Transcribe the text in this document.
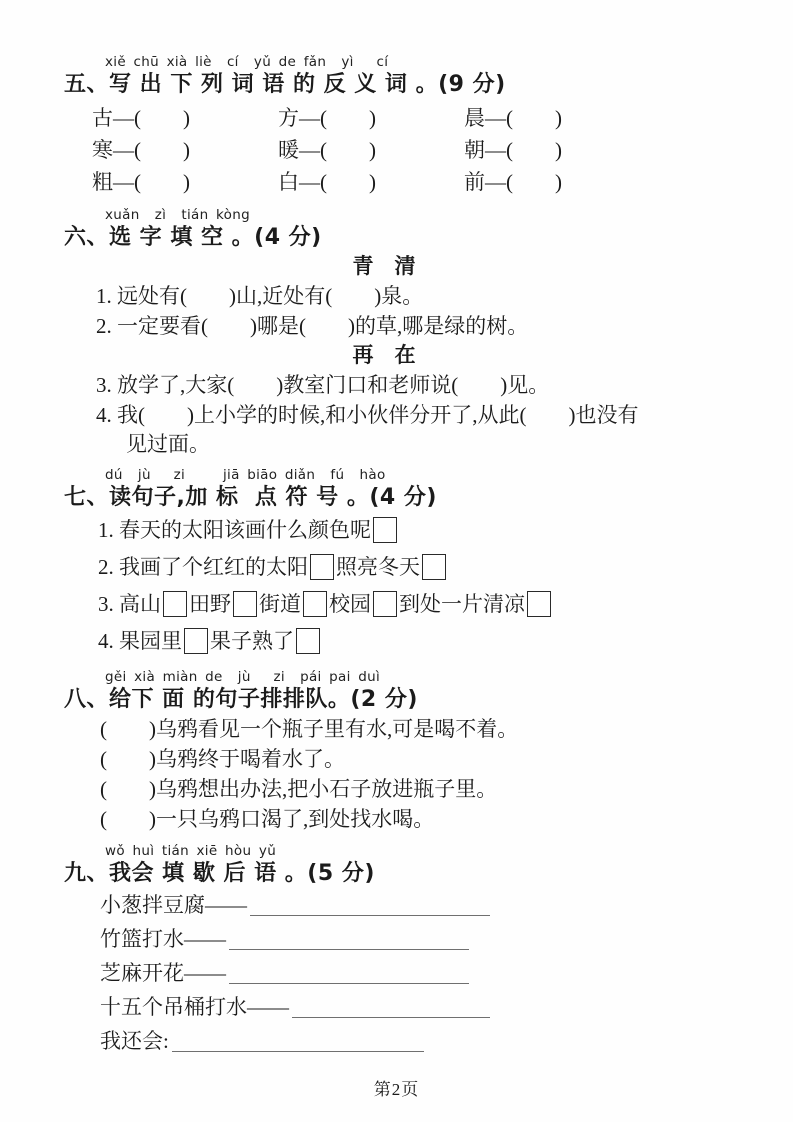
xiě chū xià liè  cí  yǔ de fǎn  yì   cí

五、写 出 下 列 词 语 的 反 义 词 。(9 分)

古—(　　)	方—(　　)	晨—(　　)
寒—(　　)	暖—(　　)	朝—(　　)
粗—(　　)	白—(　　)	前—(　　)

xuǎn  zì  tián kòng

六、选 字 填 空 。(4 分)

青　清

1. 远处有(　　)山,近处有(　　)泉。

2. 一定要看(　　)哪是(　　)的草,哪是绿的树。

再　在

3. 放学了,大家(　　)教室门口和老师说(　　)见。

4. 我(　　)上小学的时候,和小伙伴分开了,从此(　　)也没有

见过面。

dú  jù   zi     jiā biāo diǎn  fú  hào

七、读句子,加 标  点 符 号 。(4 分)

1. 春天的太阳该画什么颜色呢

2. 我画了个红红的太阳 照亮冬天

3. 高山 田野 街道 校园 到处一片清凉

4. 果园里 果子熟了

gěi xià miàn de  jù   zi  pái pai duì

八、给下 面 的句子排排队。(2 分)

(　　)乌鸦看见一个瓶子里有水,可是喝不着。

(　　)乌鸦终于喝着水了。

(　　)乌鸦想出办法,把小石子放进瓶子里。

(　　)一只乌鸦口渴了,到处找水喝。

wǒ huì tián xiē hòu yǔ

九、我会 填 歇 后 语 。(5 分)

小葱拌豆腐——

竹篮打水——

芝麻开花——

十五个吊桶打水——

我还会:

第2页
